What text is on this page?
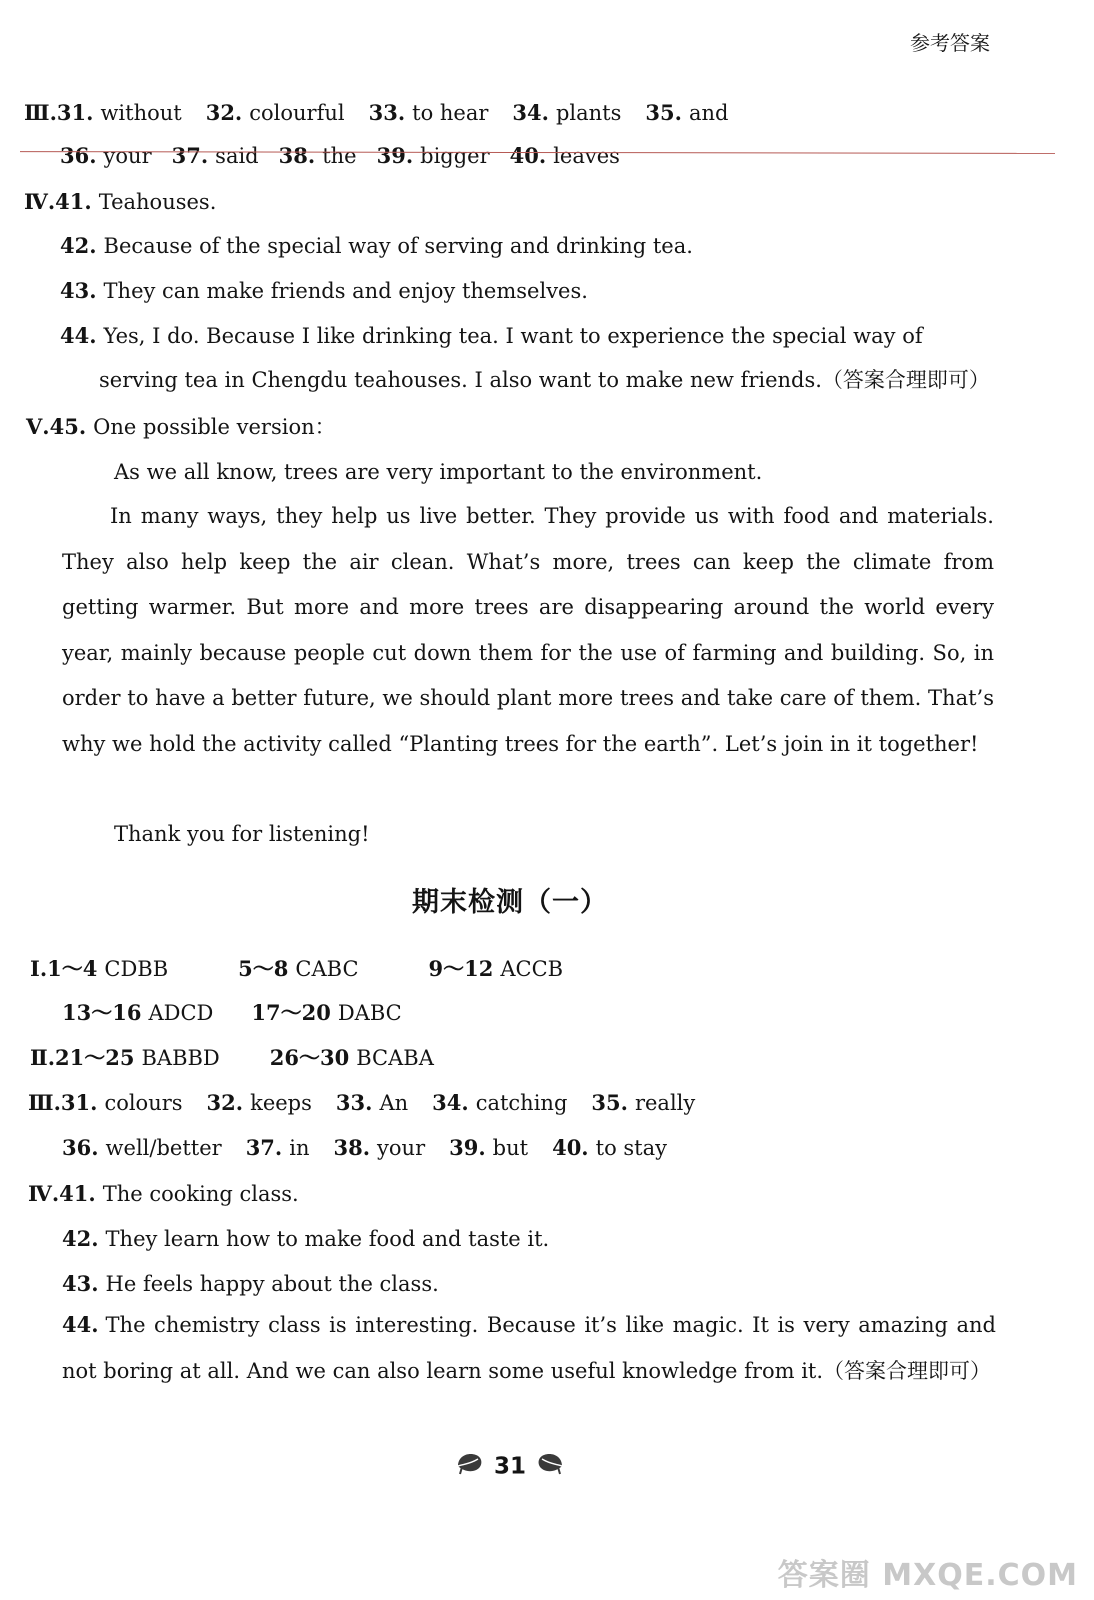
参考答案
Ⅲ.31. without 32. colourful 33. to hear 34. plants 35. and
36. your 37. said 38. the 39. bigger 40. leaves
Ⅳ.41. Teahouses.
42. Because of the special way of serving and drinking tea.
43. They can make friends and enjoy themselves.
44. Yes, I do. Because I like drinking tea. I want to experience the special way of
serving tea in Chengdu teahouses. I also want to make new friends.（答案合理即可）
Ⅴ.45. One possible version：
As we all know, trees are very important to the environment.
In many ways, they help us live better. They provide us with food and materials. They also help keep the air clean. What’s more, trees can keep the climate from getting warmer. But more and more trees are disappearing around the world every year, mainly because people cut down them for the use of farming and building. So, in order to have a better future, we should plant more trees and take care of them. That’s why we hold the activity called “Planting trees for the earth”. Let’s join in it together!
Thank you for listening!
期末检测（一）
Ⅰ.1～4 CDBB	5～8 CABC	9～12 ACCB
13～16 ADCD 17～20 DABC
Ⅱ.21～25 BABBD 26～30 BCABA
Ⅲ.31. colours 32. keeps 33. An 34. catching 35. really
36. well/better 37. in 38. your 39. but 40. to stay
Ⅳ.41. The cooking class.
42. They learn how to make food and taste it.
43. He feels happy about the class.
44. The chemistry class is interesting. Because it’s like magic. It is very amazing and not boring at all. And we can also learn some useful knowledge from it.（答案合理即可）
31
答案圈 MXQE.COM
